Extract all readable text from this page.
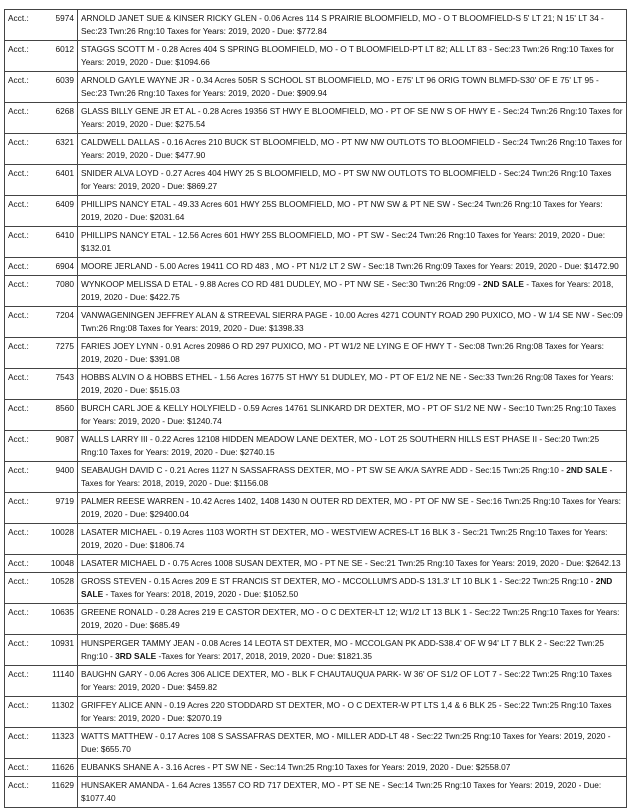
Acct.: 5974	ARNOLD JANET SUE & KINSER RICKY GLEN - 0.06 Acres 114 S PRAIRIE BLOOMFIELD, MO - O T BLOOMFIELD-S 5' LT 21; N 15' LT 34 - Sec:23 Twn:26 Rng:10 Taxes for Years: 2019, 2020 - Due: $772.84
Acct.: 6012	STAGGS SCOTT M - 0.28 Acres 404 S SPRING BLOOMFIELD, MO - O T BLOOMFIELD-PT LT 82; ALL LT 83 - Sec:23 Twn:26 Rng:10 Taxes for Years: 2019, 2020 - Due: $1094.66
Acct.: 6039	ARNOLD GAYLE WAYNE JR - 0.34 Acres 505R S SCHOOL ST BLOOMFIELD, MO - E75' LT 96 ORIG TOWN BLMFD-S30' OF E 75' LT 95 - Sec:23 Twn:26 Rng:10 Taxes for Years: 2019, 2020 - Due: $909.94
Acct.: 6268	GLASS BILLY GENE JR ET AL - 0.28 Acres 19356 ST HWY E BLOOMFIELD, MO - PT OF SE NW S OF HWY E - Sec:24 Twn:26 Rng:10 Taxes for Years: 2019, 2020 - Due: $275.54
Acct.: 6321	CALDWELL DALLAS - 0.16 Acres 210 BUCK ST BLOOMFIELD, MO - PT NW NW OUTLOTS TO BLOOMFIELD - Sec:24 Twn:26 Rng:10 Taxes for Years: 2019, 2020 - Due: $477.90
Acct.: 6401	SNIDER ALVA LOYD - 0.27 Acres 404 HWY 25 S BLOOMFIELD, MO - PT SW NW OUTLOTS TO BLOOMFIELD - Sec:24 Twn:26 Rng:10 Taxes for Years: 2019, 2020 - Due: $869.27
Acct.: 6409	PHILLIPS NANCY ETAL - 49.33 Acres 601 HWY 25S BLOOMFIELD, MO - PT NW SW & PT NE SW - Sec:24 Twn:26 Rng:10 Taxes for Years: 2019, 2020 - Due: $2031.64
Acct.: 6410	PHILLIPS NANCY ETAL - 12.56 Acres 601 HWY 25S BLOOMFIELD, MO - PT SW - Sec:24 Twn:26 Rng:10 Taxes for Years: 2019, 2020 - Due: $132.01
Acct.: 6904	MOORE JERLAND - 5.00 Acres 19411 CO RD 483 , MO - PT N1/2 LT 2 SW - Sec:18 Twn:26 Rng:09 Taxes for Years: 2019, 2020 - Due: $1472.90
Acct.: 7080	WYNKOOP MELISSA D ETAL - 9.88 Acres CO RD 481 DUDLEY, MO - PT NW SE - Sec:30 Twn:26 Rng:09 - 2ND SALE - Taxes for Years: 2018, 2019, 2020 - Due: $422.75
Acct.: 7204	VANWAGENINGEN JEFFREY ALAN & STREEVAL SIERRA PAGE - 10.00 Acres 4271 COUNTY ROAD 290 PUXICO, MO - W 1/4 SE NW - Sec:09 Twn:26 Rng:08 Taxes for Years: 2019, 2020 - Due: $1398.33
Acct.: 7275	FARIES JOEY LYNN - 0.91 Acres 20986 O RD 297 PUXICO, MO - PT W1/2 NE LYING E OF HWY T - Sec:08 Twn:26 Rng:08 Taxes for Years: 2019, 2020 - Due: $391.08
Acct.: 7543	HOBBS ALVIN O & HOBBS ETHEL - 1.56 Acres 16775 ST HWY 51 DUDLEY, MO - PT OF E1/2 NE NE - Sec:33 Twn:26 Rng:08 Taxes for Years: 2019, 2020 - Due: $515.03
Acct.: 8560	BURCH CARL JOE & KELLY HOLYFIELD - 0.59 Acres 14761 SLINKARD DR DEXTER, MO - PT OF S1/2 NE NW - Sec:10 Twn:25 Rng:10 Taxes for Years: 2019, 2020 - Due: $1240.74
Acct.: 9087	WALLS LARRY III - 0.22 Acres 12108 HIDDEN MEADOW LANE DEXTER, MO - LOT 25 SOUTHERN HILLS EST PHASE II - Sec:20 Twn:25 Rng:10 Taxes for Years: 2019, 2020 - Due: $2740.15
Acct.: 9400	SEABAUGH DAVID C - 0.21 Acres 1127 N SASSAFRASS DEXTER, MO - PT SW SE A/K/A SAYRE ADD - Sec:15 Twn:25 Rng:10 - 2ND SALE - Taxes for Years: 2018, 2019, 2020 - Due: $1156.08
Acct.: 9719	PALMER REESE WARREN - 10.42 Acres 1402, 1408 1430 N OUTER RD DEXTER, MO - PT OF NW SE - Sec:16 Twn:25 Rng:10 Taxes for Years: 2019, 2020 - Due: $29400.04
Acct.: 10028	LASATER MICHAEL - 0.19 Acres 1103 WORTH ST DEXTER, MO - WESTVIEW ACRES-LT 16 BLK 3 - Sec:21 Twn:25 Rng:10 Taxes for Years: 2019, 2020 - Due: $1806.74
Acct.: 10048	LASATER MICHAEL D - 0.75 Acres 1008 SUSAN DEXTER, MO - PT NE SE - Sec:21 Twn:25 Rng:10 Taxes for Years: 2019, 2020 - Due: $2642.13
Acct.: 10528	GROSS STEVEN - 0.15 Acres 209 E ST FRANCIS ST DEXTER, MO - MCCOLLUM'S ADD-S 131.3' LT 10 BLK 1 - Sec:22 Twn:25 Rng:10 - 2ND SALE - Taxes for Years: 2018, 2019, 2020 - Due: $1052.50
Acct.: 10635	GREENE RONALD - 0.28 Acres 219 E CASTOR DEXTER, MO - O C DEXTER-LT 12; W1/2 LT 13 BLK 1 - Sec:22 Twn:25 Rng:10 Taxes for Years: 2019, 2020 - Due: $685.49
Acct.: 10931	HUNSPERGER TAMMY JEAN - 0.08 Acres 14 LEOTA ST DEXTER, MO - MCCOLGAN PK ADD-S38.4' OF W 94' LT 7 BLK 2 - Sec:22 Twn:25 Rng:10 - 3RD SALE -Taxes for Years: 2017, 2018, 2019, 2020 - Due: $1821.35
Acct.: 11140	BAUGHN GARY - 0.06 Acres 306 ALICE DEXTER, MO - BLK F CHAUTAUQUA PARK- W 36' OF S1/2 OF LOT 7 - Sec:22 Twn:25 Rng:10 Taxes for Years: 2019, 2020 - Due: $459.82
Acct.: 11302	GRIFFEY ALICE ANN - 0.19 Acres 220 STODDARD ST DEXTER, MO - O C DEXTER-W PT LTS 1,4 & 6 BLK 25 - Sec:22 Twn:25 Rng:10 Taxes for Years: 2019, 2020 - Due: $2070.19
Acct.: 11323	WATTS MATTHEW - 0.17 Acres 108 S SASSAFRAS DEXTER, MO - MILLER ADD-LT 48 - Sec:22 Twn:25 Rng:10 Taxes for Years: 2019, 2020 - Due: $655.70
Acct.: 11626	EUBANKS SHANE A - 3.16 Acres - PT SW NE - Sec:14 Twn:25 Rng:10 Taxes for Years: 2019, 2020 - Due: $2558.07
Acct.: 11629	HUNSAKER AMANDA - 1.64 Acres 13557 CO RD 717 DEXTER, MO - PT SE NE - Sec:14 Twn:25 Rng:10 Taxes for Years: 2019, 2020 - Due: $1077.40
